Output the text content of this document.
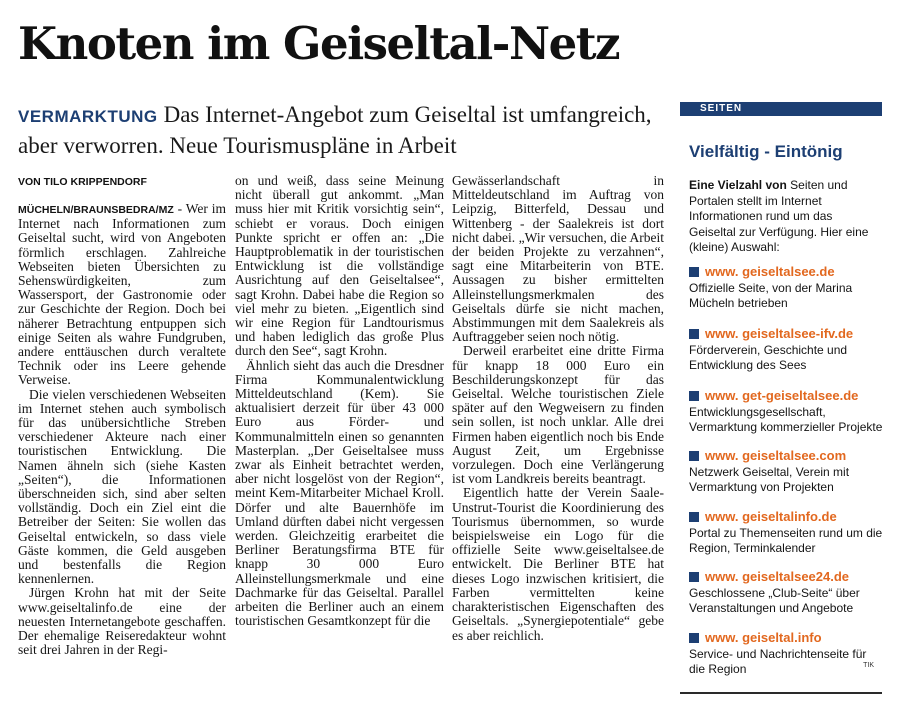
Knoten im Geiseltal-Netz

VERMARKTUNG Das Internet-Angebot zum Geiseltal ist umfangreich, aber verworren. Neue Tourismuspläne in Arbeit

VON TILO KRIPPENDORF

MÜCHELN/BRAUNSBEDRA/MZ - Wer im Internet nach Informationen zum Geiseltal sucht, wird von Angeboten förmlich erschlagen. Zahlreiche Webseiten bieten Übersichten zu Sehenswürdigkeiten, zum Wassersport, der Gastronomie oder zur Geschichte der Region. Doch bei näherer Betrachtung entpuppen sich einige Seiten als wahre Fundgruben, andere enttäuschen durch veraltete Technik oder ins Leere gehende Verweise.

Die vielen verschiedenen Webseiten im Internet stehen auch symbolisch für das unübersichtliche Streben verschiedener Akteure nach einer touristischen Entwicklung. Die Namen ähneln sich (siehe Kasten „Seiten“), die Informationen überschneiden sich, sind aber selten vollständig. Doch ein Ziel eint die Betreiber der Seiten: Sie wollen das Geiseltal entwickeln, so dass viele Gäste kommen, die Geld ausgeben und bestenfalls die Region kennenlernen.

Jürgen Krohn hat mit der Seite www.geiseltalinfo.de eine der neuesten Internetangebote geschaffen. Der ehemalige Reiseredakteur wohnt seit drei Jahren in der Regi-

on und weiß, dass seine Meinung nicht überall gut ankommt. „Man muss hier mit Kritik vorsichtig sein“, schiebt er voraus. Doch einigen Punkte spricht er offen an: „Die Hauptproblematik in der touristischen Entwicklung ist die vollständige Ausrichtung auf den Geiseltalsee“, sagt Krohn. Dabei habe die Region so viel mehr zu bieten. „Eigentlich sind wir eine Region für Landtourismus und haben lediglich das große Plus durch den See“, sagt Krohn.

Ähnlich sieht das auch die Dresdner Firma Kommunalentwicklung Mitteldeutschland (Kem). Sie aktualisiert derzeit für über 43 000 Euro aus Förder- und Kommunalmitteln einen so genannten Masterplan. „Der Geiseltalsee muss zwar als Einheit betrachtet werden, aber nicht losgelöst von der Region“, meint Kem-Mitarbeiter Michael Kroll. Dörfer und alte Bauernhöfe im Umland dürften dabei nicht vergessen werden. Gleichzeitig erarbeitet die Berliner Beratungsfirma BTE für knapp 30 000 Euro Alleinstellungsmerkmale und eine Dachmarke für das Geiseltal. Parallel arbeiten die Berliner auch an einem touristischen Gesamtkonzept für die

Gewässerlandschaft in Mitteldeutschland im Auftrag von Leipzig, Bitterfeld, Dessau und Wittenberg - der Saalekreis ist dort nicht dabei. „Wir versuchen, die Arbeit der beiden Projekte zu verzahnen“, sagt eine Mitarbeiterin von BTE. Aussagen zu bisher ermittelten Alleinstellungsmerkmalen des Geiseltals dürfe sie nicht machen, Abstimmungen mit dem Saalekreis als Auftraggeber seien noch nötig.

Derweil erarbeitet eine dritte Firma für knapp 18 000 Euro ein Beschilderungskonzept für das Geiseltal. Welche touristischen Ziele später auf den Wegweisern zu finden sein sollen, ist noch unklar. Alle drei Firmen haben eigentlich noch bis Ende August Zeit, um Ergebnisse vorzulegen. Doch eine Verlängerung ist vom Landkreis bereits beantragt.

Eigentlich hatte der Verein Saale-Unstrut-Tourist die Koordinierung des Tourismus übernommen, so wurde beispielsweise ein Logo für die offizielle Seite www.geiseltalsee.de entwickelt. Die Berliner BTE hat dieses Logo inzwischen kritisiert, die Farben vermittelten keine charakteristischen Eigenschaften des Geiseltals. „Synergiepotentiale“ gebe es aber reichlich.

SEITEN
Vielfältig - Eintönig

Eine Vielzahl von Seiten und Portalen stellt im Internet Informationen rund um das Geiseltal zur Verfügung. Hier eine (kleine) Auswahl:

www. geiseltalsee.de
Offizielle Seite, von der Marina Mücheln betrieben
www. geiseltalsee-ifv.de
Förderverein, Geschichte und Entwicklung des Sees
www. get-geiseltalsee.de
Entwicklungsgesellschaft, Vermarktung kommerzieller Projekte
www. geiseltalsee.com
Netzwerk Geiseltal, Verein mit Vermarktung von Projekten
www. geiseltalinfo.de
Portal zu Themenseiten rund um die Region, Terminkalender
www. geiseltalsee24.de
Geschlossene „Club-Seite“ über Veranstaltungen und Angebote
www. geiseltal.info
Service- und Nachrichtenseite für die Region	TIK
